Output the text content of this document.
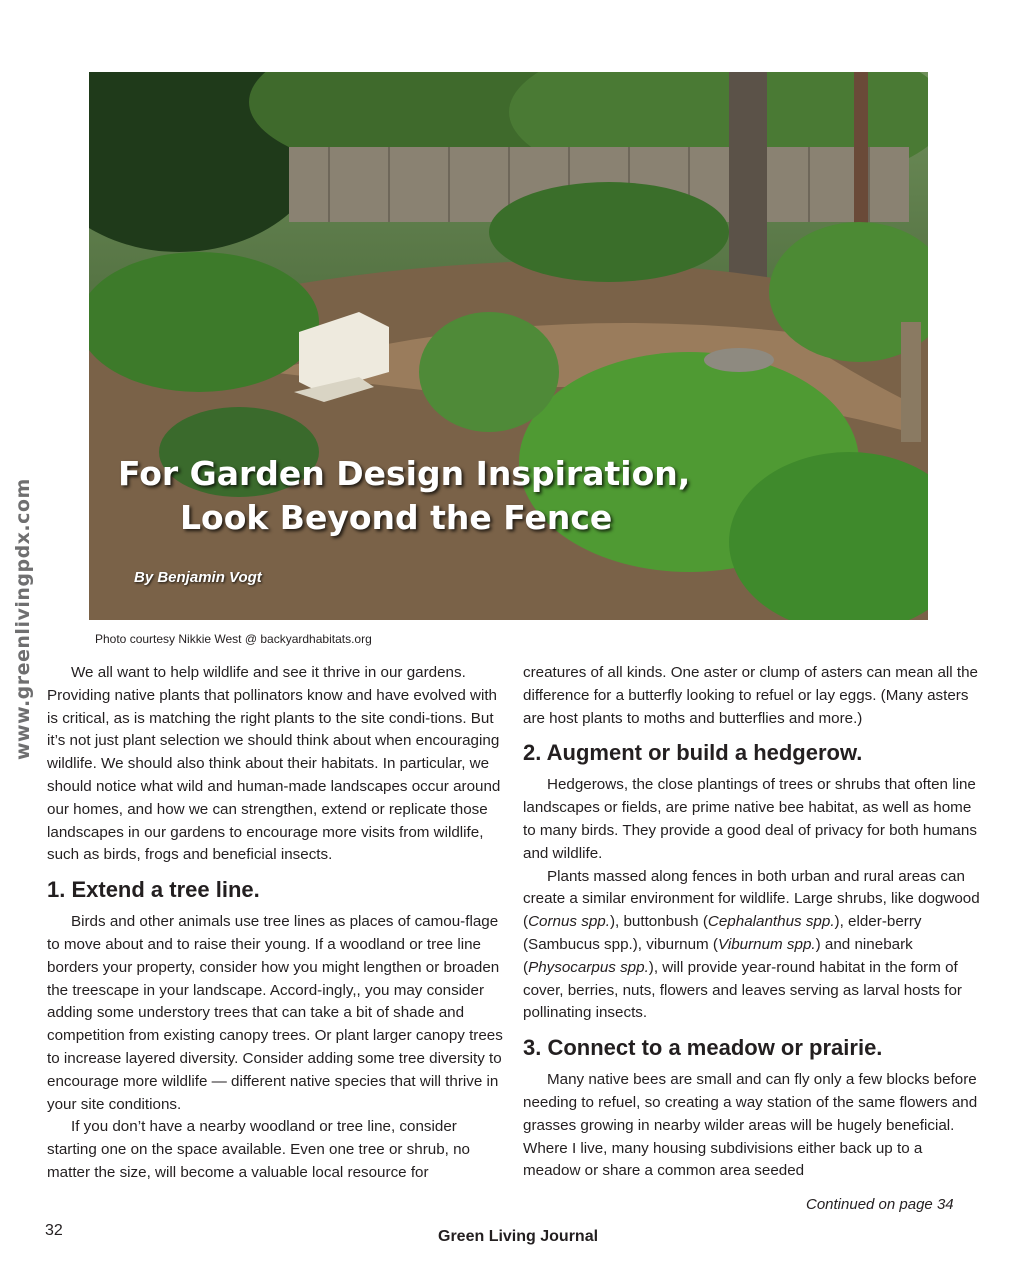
www.greenlivingpdx.com
For Garden Design Inspiration,
Look Beyond the Fence
By Benjamin Vogt
Photo courtesy Nikkie West @ backyardhabitats.org

We all want to help wildlife and see it thrive in our gardens. Providing native plants that pollinators know and have evolved with is critical, as is matching the right plants to the site condi-tions. But it’s not just plant selection we should think about when encouraging wildlife. We should also think about their habitats. In particular, we should notice what wild and human-made landscapes occur around our homes, and how we can strengthen, extend or replicate those landscapes in our gardens to encourage more visits from wildlife, such as birds, frogs and beneficial insects.

1. Extend a tree line.

Birds and other animals use tree lines as places of camou-flage to move about and to raise their young. If a woodland or tree line borders your property, consider how you might lengthen or broaden the treescape in your landscape. Accord-ingly,, you may consider adding some understory trees that can take a bit of shade and competition from existing canopy trees. Or plant larger canopy trees to increase layered diversity. Consider adding some tree diversity to encourage more wildlife — different native species that will thrive in your site conditions.

If you don’t have a nearby woodland or tree line, consider starting one on the space available. Even one tree or shrub, no matter the size, will become a valuable local resource for

creatures of all kinds. One aster or clump of asters can mean all the difference for a butterfly looking to refuel or lay eggs. (Many asters are host plants to moths and butterflies and more.)

2. Augment or build a hedgerow.

Hedgerows, the close plantings of trees or shrubs that often line landscapes or fields, are prime native bee habitat, as well as home to many birds. They provide a good deal of privacy for both humans and wildlife.

Plants massed along fences in both urban and rural areas can create a similar environment for wildlife. Large shrubs, like dogwood (Cornus spp.), buttonbush (Cephalanthus spp.), elder-berry (Sambucus spp.), viburnum (Viburnum spp.) and ninebark (Physocarpus spp.), will provide year-round habitat in the form of cover, berries, nuts, flowers and leaves serving as larval hosts for pollinating insects.

3. Connect to a meadow or prairie.

Many native bees are small and can fly only a few blocks before needing to refuel, so creating a way station of the same flowers and grasses growing in nearby wilder areas will be hugely beneficial. Where I live, many housing subdivisions either back up to a meadow or share a common area seeded

Continued on page 34
32	Green Living Journal
